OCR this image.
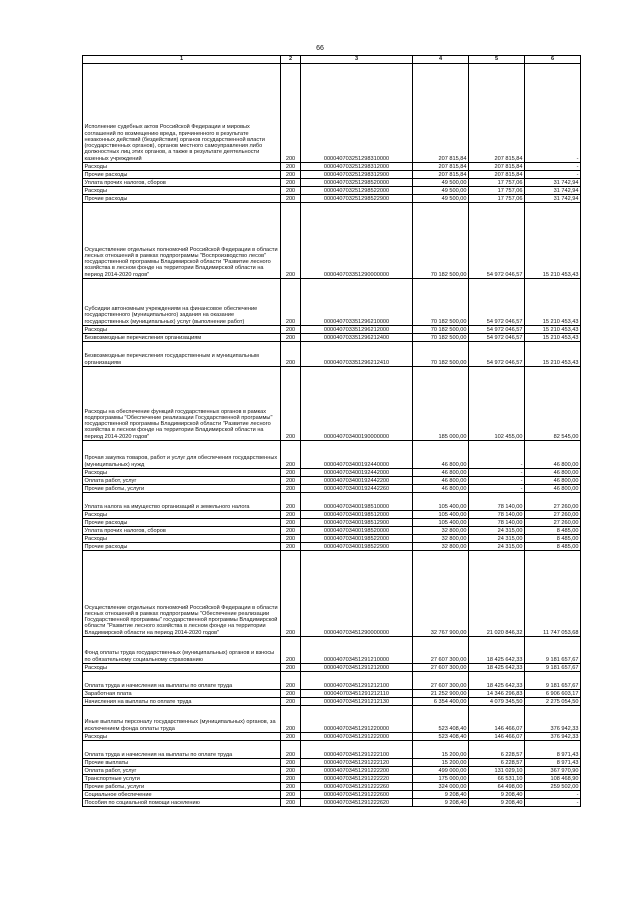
66
1	2	3	4	5	6
Исполнение судебных актов Российской Федерации и мировых соглашений по возмещению вреда, причиненного в результате незаконных действий (бездействия) органов государственной власти (государственных органов), органов местного самоуправления либо должностных лиц этих органов, а также в результате деятельности казенных учреждений	200	000040703251298310000	207 815,84	207 815,84	-
Расходы	200	000040703251298312000	207 815,84	207 815,84	-
Прочие расходы	200	000040703251298312900	207 815,84	207 815,84	-
Уплата прочих налогов, сборов	200	000040703251298520000	49 500,00	17 757,06	31 742,94
Расходы	200	000040703251298522000	49 500,00	17 757,06	31 742,94
Прочие расходы	200	000040703251298522900	49 500,00	17 757,06	31 742,94
Осуществление отдельных полномочий Российской Федерации в области лесных отношений в рамках подпрограммы "Воспроизводство лесов" государственной программы Владимирской области "Развитие лесного хозяйства в лесном фонде на территории Владимирской области на период 2014-2020 годов"	200	000040703351290000000	70 182 500,00	54 972 046,57	15 210 453,43
Субсидии автономным учреждениям на финансовое обеспечение государственного (муниципального) задания на оказание государственных (муниципальных) услуг (выполнение работ)	200	000040703351296210000	70 182 500,00	54 972 046,57	15 210 453,43
Расходы	200	000040703351296212000	70 182 500,00	54 972 046,57	15 210 453,43
Безвозмездные перечисления организациям	200	000040703351296212400	70 182 500,00	54 972 046,57	15 210 453,43
Безвозмездные перечисления государственным и муниципальным организациям	200	000040703351296212410	70 182 500,00	54 972 046,57	15 210 453,43
Расходы на обеспечение функций государственных органов в рамках подпрограммы "Обеспечение реализации Государственной программы" государственной программы Владимирской области "Развитие лесного хозяйства в лесном фонде на территории Владимирской области на период 2014-2020 годов"	200	000040703400190000000	185 000,00	102 455,00	82 545,00
Прочая закупка товаров, работ и услуг для обеспечения государственных (муниципальных) нужд	200	000040703400192440000	46 800,00	-	46 800,00
Расходы	200	000040703400192442000	46 800,00	-	46 800,00
Оплата работ, услуг	200	000040703400192442200	46 800,00	-	46 800,00
Прочие работы, услуги	200	000040703400192442260	46 800,00	-	46 800,00
Уплата налога на имущество организаций и земельного налога	200	000040703400198510000	105 400,00	78 140,00	27 260,00
Расходы	200	000040703400198512000	105 400,00	78 140,00	27 260,00
Прочие расходы	200	000040703400198512900	105 400,00	78 140,00	27 260,00
Уплата прочих налогов, сборов	200	000040703400198520000	32 800,00	24 315,00	8 485,00
Расходы	200	000040703400198522000	32 800,00	24 315,00	8 485,00
Прочие расходы	200	000040703400198522900	32 800,00	24 315,00	8 485,00
Осуществление отдельных полномочий Российской Федерации в области лесных отношений в рамках подпрограммы "Обеспечение реализации Государственной программы" государственной программы Владимирской области "Развитие лесного хозяйства в лесном фонде на территории Владимирской области на период 2014-2020 годов"	200	000040703451290000000	32 767 900,00	21 020 846,32	11 747 053,68
Фонд оплаты труда государственных (муниципальных) органов и взносы по обязательному социальному страхованию	200	000040703451291210000	27 607 300,00	18 425 642,33	9 181 657,67
Расходы	200	000040703451291212000	27 607 300,00	18 425 642,33	9 181 657,67
Оплата труда и начисления на выплаты по оплате труда	200	000040703451291212100	27 607 300,00	18 425 642,33	9 181 657,67
Заработная плата	200	000040703451291212110	21 252 900,00	14 346 296,83	6 906 603,17
Начисления на выплаты по оплате труда	200	000040703451291212130	6 354 400,00	4 079 345,50	2 275 054,50
Иные выплаты персоналу государственных (муниципальных) органов, за исключением фонда оплаты труда	200	000040703451291220000	523 408,40	146 466,07	376 942,33
Расходы	200	000040703451291222000	523 408,40	146 466,07	376 942,33
Оплата труда и начисления на выплаты по оплате труда	200	000040703451291222100	15 200,00	6 228,57	8 971,43
Прочие выплаты	200	000040703451291222120	15 200,00	6 228,57	8 971,43
Оплата работ, услуг	200	000040703451291222200	499 000,00	131 029,10	367 970,90
Транспортные услуги	200	000040703451291222220	175 000,00	66 531,10	108 468,90
Прочие работы, услуги	200	000040703451291222260	324 000,00	64 498,00	259 502,00
Социальное обеспечение	200	000040703451291222600	9 208,40	9 208,40	-
Пособия по социальной помощи населению	200	000040703451291222620	9 208,40	9 208,40	-
